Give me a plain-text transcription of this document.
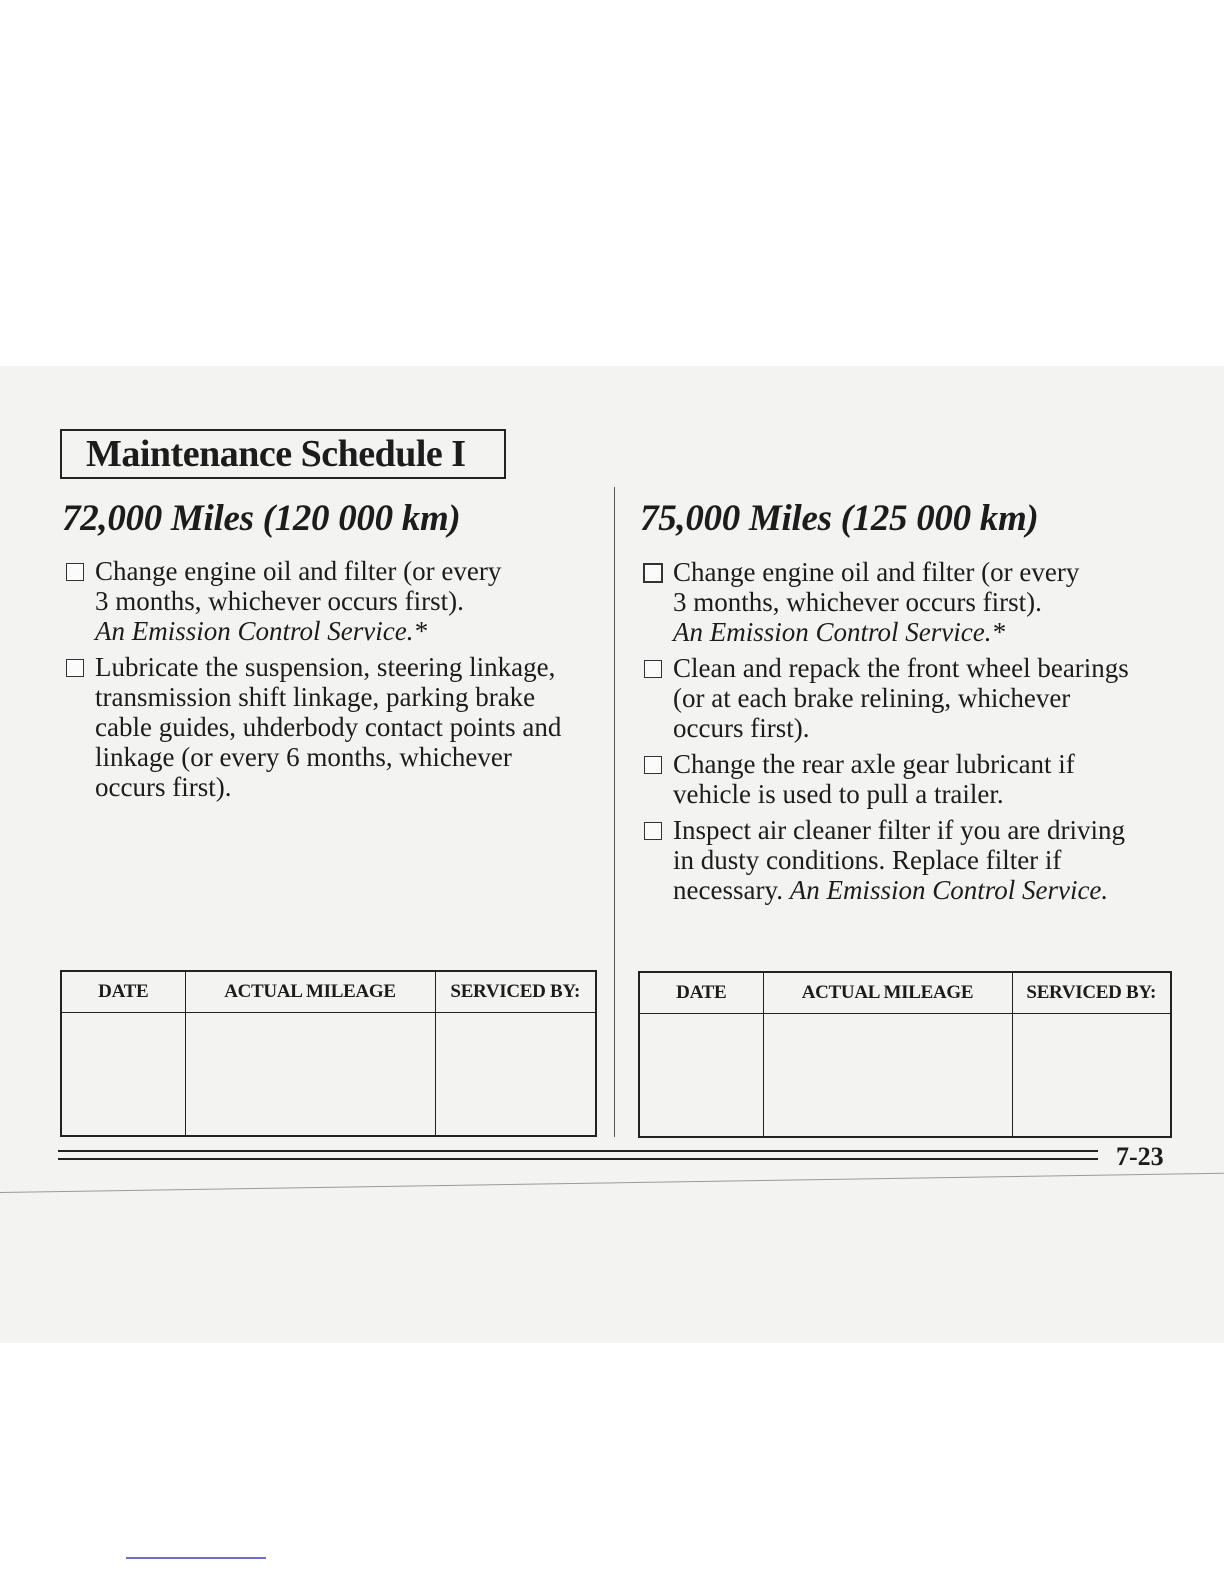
Maintenance Schedule I
72,000 Miles (120 000 km)
Change engine oil and filter (or every
3 months, whichever occurs first).
An Emission Control Service.*
Lubricate the suspension, steering linkage,
transmission shift linkage, parking brake
cable guides, uhderbody contact points and
linkage (or every 6 months, whichever
occurs first).
75,000 Miles (125 000 km)
Change engine oil and filter (or every
3 months, whichever occurs first).
An Emission Control Service.*
Clean and repack the front wheel bearings
(or at each brake relining, whichever
occurs first).
Change the rear axle gear lubricant if
vehicle is used to pull a trailer.
Inspect air cleaner filter if you are driving
in dusty conditions. Replace filter if
necessary. An Emission Control Service.
DATE	ACTUAL MILEAGE	SERVICED BY:
			DATE	ACTUAL MILEAGE	SERVICED BY:

7-23
